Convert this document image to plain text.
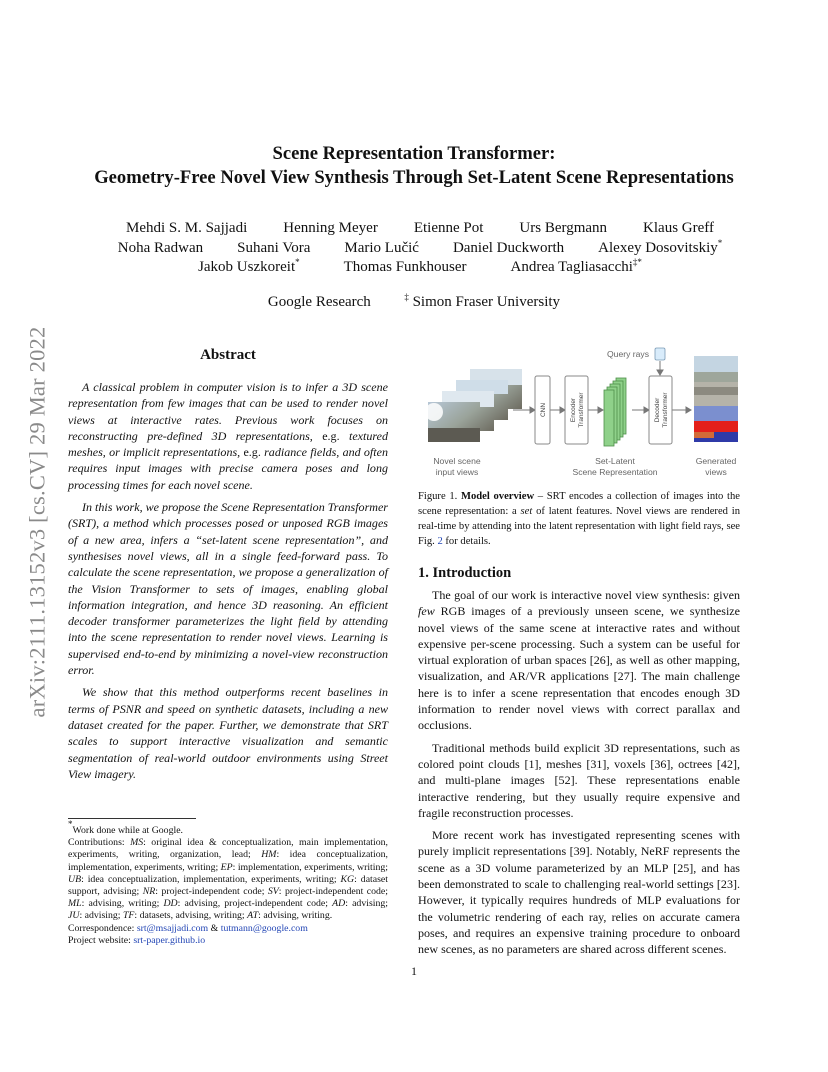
arXiv:2111.13152v3 [cs.CV] 29 Mar 2022
Scene Representation Transformer:
Geometry-Free Novel View Synthesis Through Set-Latent Scene Representations
Mehdi S. M. Sajjadi Henning Meyer Etienne Pot Urs Bergmann Klaus Greff
Noha Radwan Suhani Vora Mario Lučić Daniel Duckworth Alexey Dosovitskiy*
Jakob Uszkoreit*	Thomas Funkhouser	Andrea Tagliasacchi‡*
Google Research	‡ Simon Fraser University
Abstract

A classical problem in computer vision is to infer a 3D scene representation from few images that can be used to render novel views at interactive rates. Previous work focuses on reconstructing pre-defined 3D representations, e.g. textured meshes, or implicit representations, e.g. radiance fields, and often requires input images with precise camera poses and long processing times for each novel scene.

In this work, we propose the Scene Representation Transformer (SRT), a method which processes posed or unposed RGB images of a new area, infers a “set-latent scene representation”, and synthesises novel views, all in a single feed-forward pass. To calculate the scene representation, we propose a generalization of the Vision Transformer to sets of images, enabling global information integration, and hence 3D reasoning. An efficient decoder transformer parameterizes the light field by attending into the scene representation to render novel views. Learning is supervised end-to-end by minimizing a novel-view reconstruction error.

We show that this method outperforms recent baselines in terms of PSNR and speed on synthetic datasets, including a new dataset created for the paper. Further, we demonstrate that SRT scales to support interactive visualization and semantic segmentation of real-world outdoor environments using Street View imagery.

*Work done while at Google.

Contributions: MS: original idea & conceptualization, main implementation, experiments, writing, organization, lead; HM: idea conceptualization, implementation, experiments, writing; EP: implementation, experiments, writing; UB: idea conceptualization, implementation, experiments, writing; KG: dataset support, advising; NR: project-independent code; SV: project-independent code; ML: advising, writing; DD: advising, project-independent code; AD: advising; JU: advising; TF: datasets, advising, writing; AT: advising, writing.

Correspondence: srt@msajjadi.com & tutmann@google.com

Project website: srt-paper.github.io

CNN	EncoderTransformer
Query rays
DecoderTransformer
Novel scene
input views
Set-Latent
Scene Representation
Generated
views
Figure 1. Model overview – SRT encodes a collection of images into the scene representation: a set of latent features. Novel views are rendered in real-time by attending into the latent representation with light field rays, see Fig. 2 for details.
1. Introduction

The goal of our work is interactive novel view synthesis: given few RGB images of a previously unseen scene, we synthesize novel views of the same scene at interactive rates and without expensive per-scene processing. Such a system can be useful for virtual exploration of urban spaces [26], as well as other mapping, visualization, and AR/VR applications [27]. The main challenge here is to infer a scene representation that encodes enough 3D information to render novel views with correct parallax and occlusions.

Traditional methods build explicit 3D representations, such as colored point clouds [1], meshes [31], voxels [36], octrees [42], and multi-plane images [52]. These representations enable interactive rendering, but they usually require expensive and fragile reconstruction processes.

More recent work has investigated representing scenes with purely implicit representations [39]. Notably, NeRF represents the scene as a 3D volume parameterized by an MLP [25], and has been demonstrated to scale to challenging real-world settings [23]. However, it typically requires hundreds of MLP evaluations for the volumetric rendering of each ray, relies on accurate camera poses, and requires an expensive training procedure to onboard new scenes, as no parameters are shared across different scenes.

1
